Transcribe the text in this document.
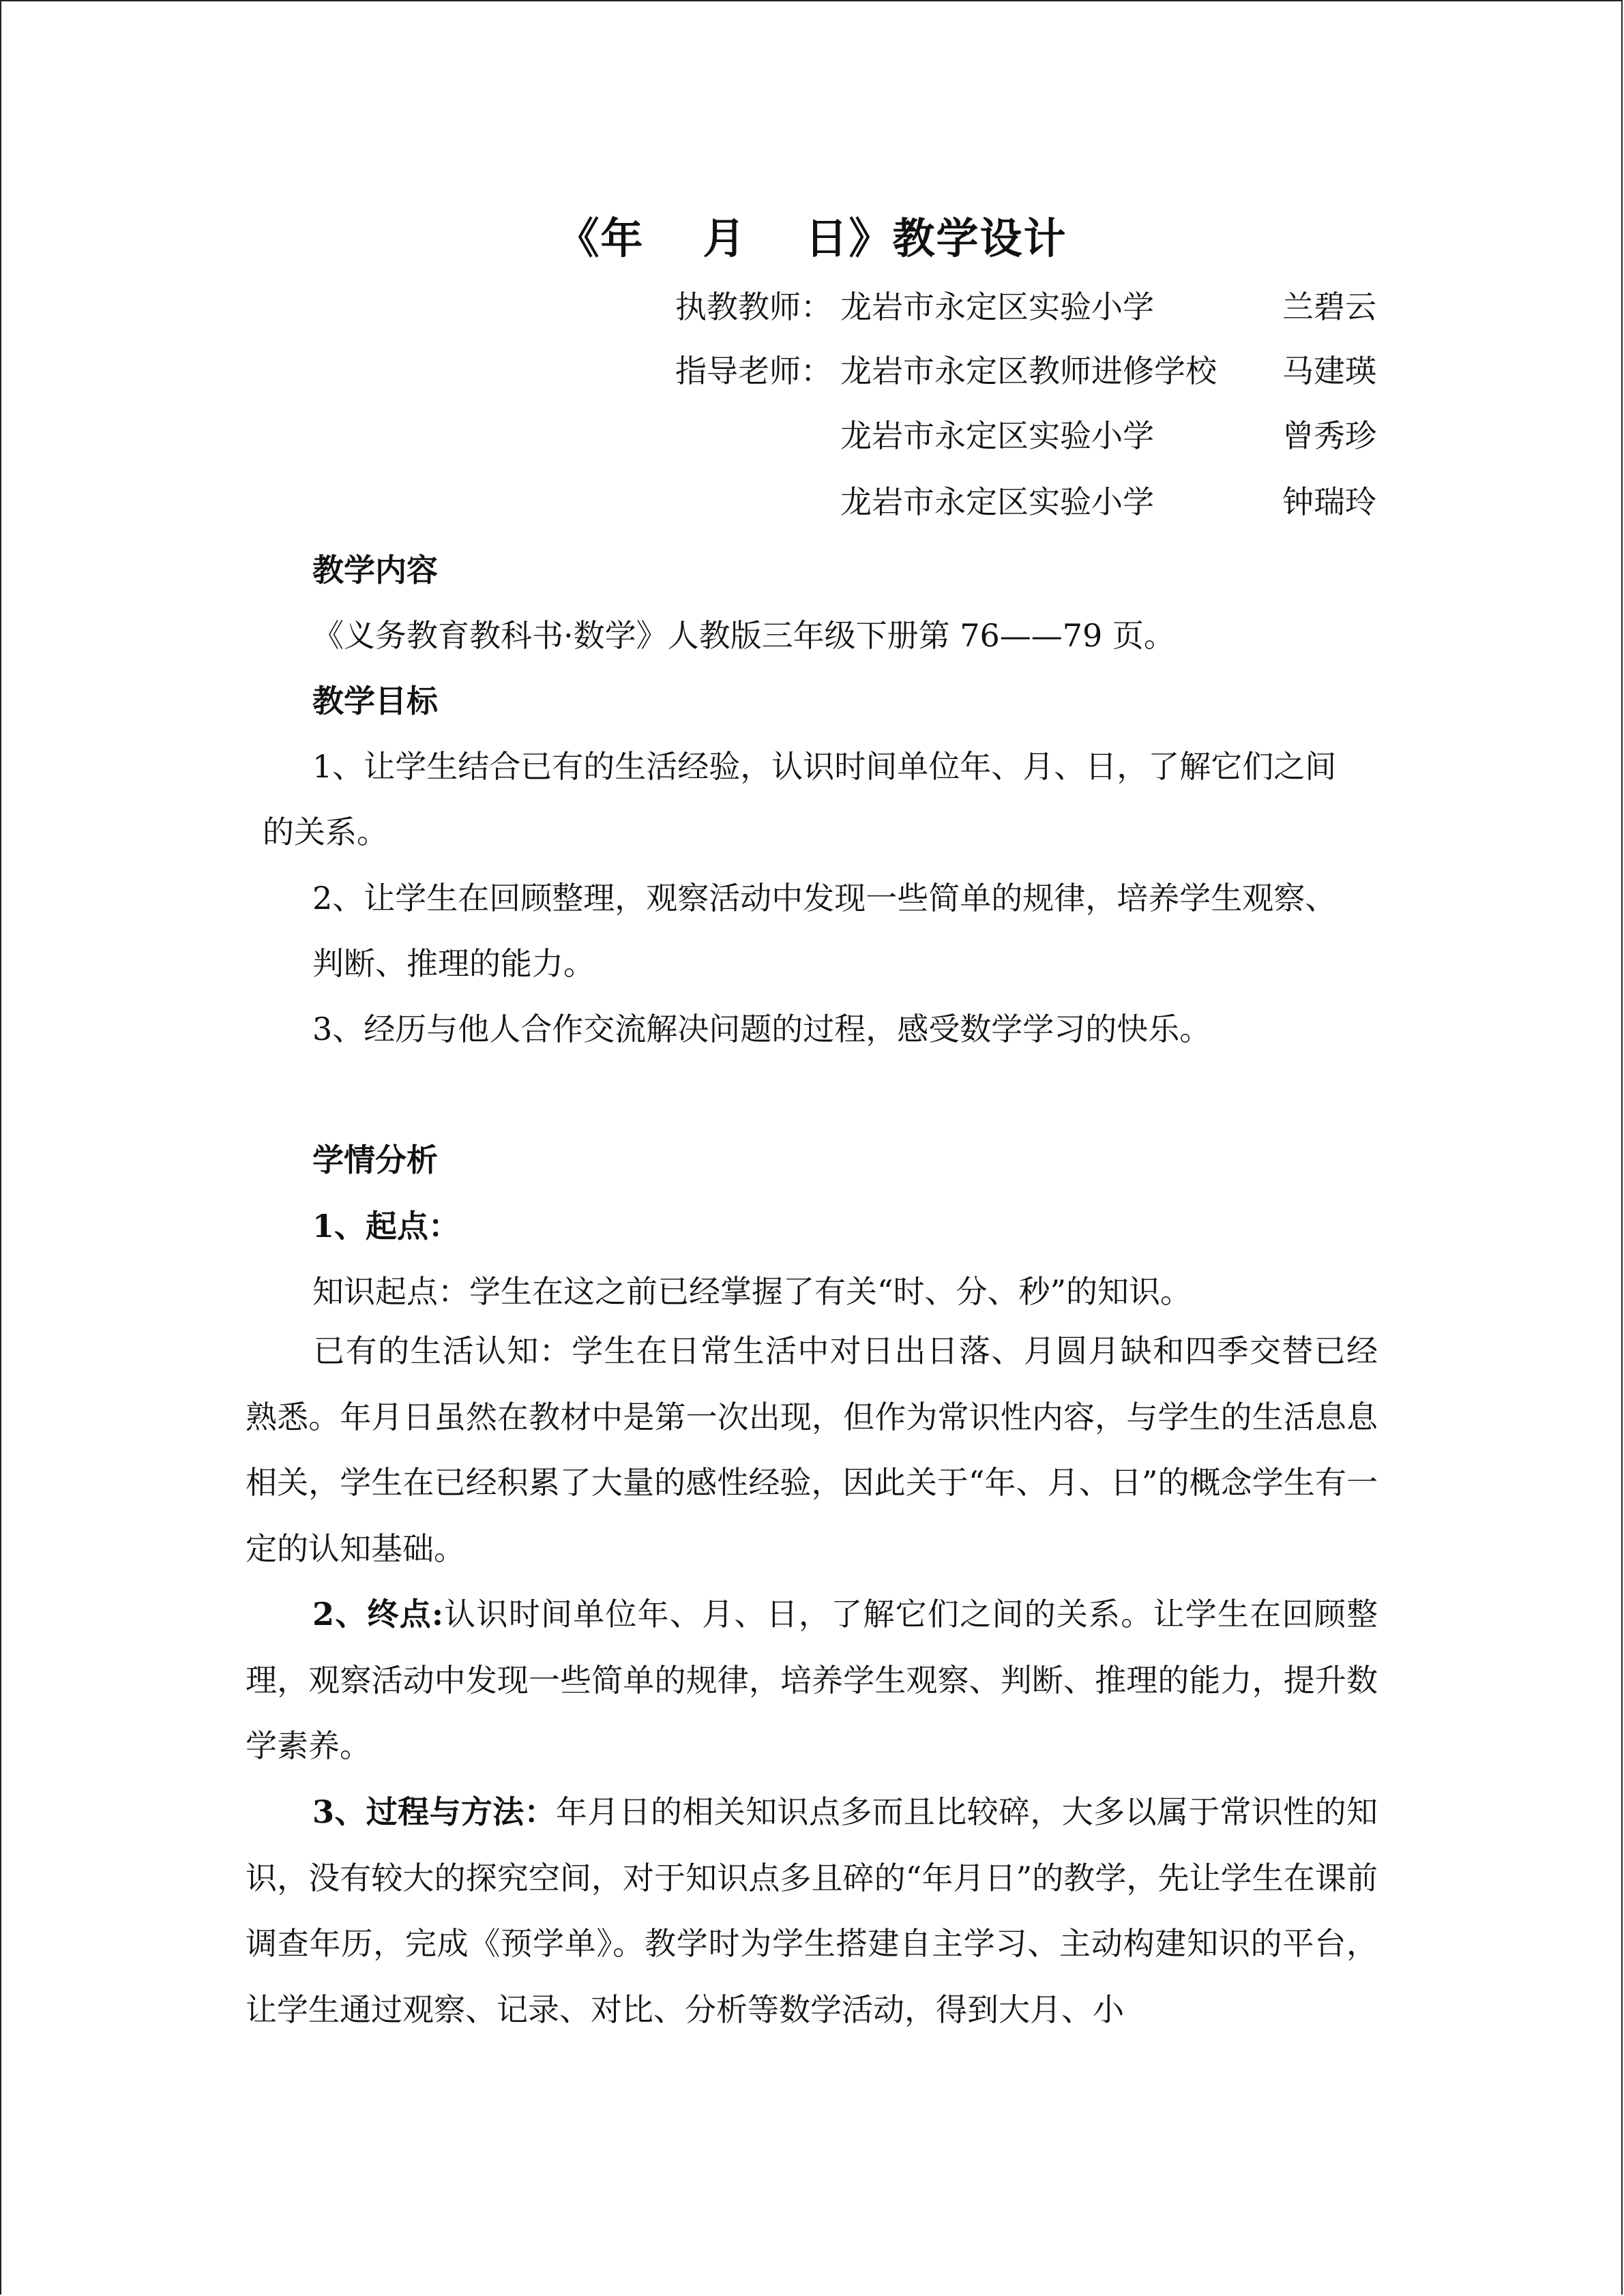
《年 月 日》教学设计
执教教师： 龙岩市永定区实验小学	兰碧云
指导老师： 龙岩市永定区教师进修学校 马建瑛
龙岩市永定区实验小学	曾秀珍
龙岩市永定区实验小学	钟瑞玲
教学内容
《义务教育教科书·数学》人教版三年级下册第 76——79 页。
教学目标
1、让学生结合已有的生活经验，认识时间单位年、月、日，了解它们之间
的关系。
2、让学生在回顾整理，观察活动中发现一些简单的规律，培养学生观察、
判断、推理的能力。
3、经历与他人合作交流解决问题的过程，感受数学学习的快乐。
学情分析
1、起点：
知识起点：学生在这之前已经掌握了有关“时、分、秒”的知识。
已有的生活认知：学生在日常生活中对日出日落、月圆月缺和四季交替已经熟悉。年月日虽然在教材中是第一次出现，但作为常识性内容，与学生的生活息息相关，学生在已经积累了大量的感性经验，因此关于“年、月、日”的概念学生有一定的认知基础。
2、终点:认识时间单位年、月、日，了解它们之间的关系。让学生在回顾整理，观察活动中发现一些简单的规律，培养学生观察、判断、推理的能力，提升数学素养。
3、过程与方法：年月日的相关知识点多而且比较碎，大多以属于常识性的知识，没有较大的探究空间，对于知识点多且碎的“年月日”的教学，先让学生在课前调查年历，完成《预学单》。教学时为学生搭建自主学习、主动构建知识的平台，让学生通过观察、记录、对比、分析等数学活动，得到大月、小
